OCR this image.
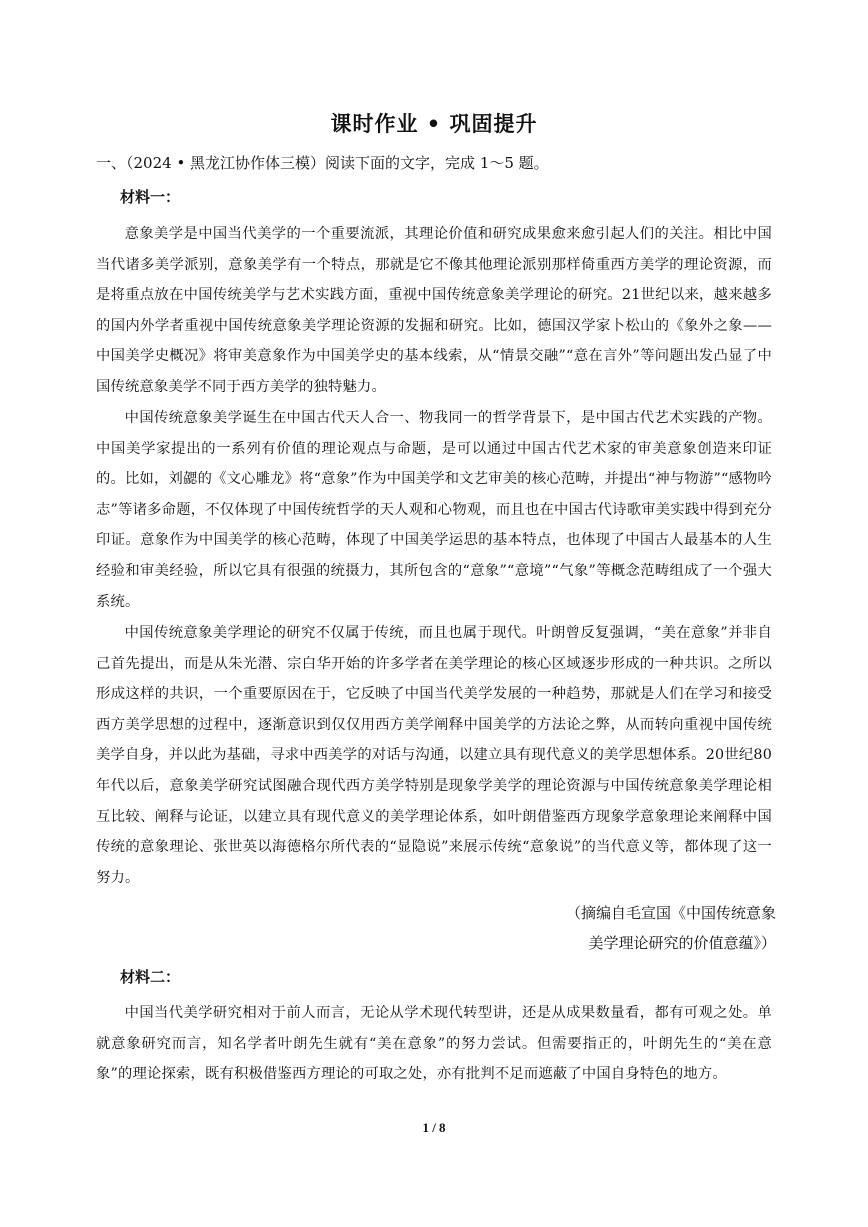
课时作业 • 巩固提升
一、（2024 • 黑龙江协作体三模）阅读下面的文字，完成 1～5 题。
材料一：

意象美学是中国当代美学的一个重要流派，其理论价值和研究成果愈来愈引起人们的关注。相比中国当代诸多美学派别，意象美学有一个特点，那就是它不像其他理论派别那样倚重西方美学的理论资源，而是将重点放在中国传统美学与艺术实践方面，重视中国传统意象美学理论的研究。21世纪以来，越来越多的国内外学者重视中国传统意象美学理论资源的发掘和研究。比如，德国汉学家卜松山的《象外之象——中国美学史概况》将审美意象作为中国美学史的基本线索，从“情景交融”“意在言外”等问题出发凸显了中国传统意象美学不同于西方美学的独特魅力。

中国传统意象美学诞生在中国古代天人合一、物我同一的哲学背景下，是中国古代艺术实践的产物。中国美学家提出的一系列有价值的理论观点与命题，是可以通过中国古代艺术家的审美意象创造来印证的。比如，刘勰的《文心雕龙》将“意象”作为中国美学和文艺审美的核心范畴，并提出“神与物游”“感物吟志”等诸多命题，不仅体现了中国传统哲学的天人观和心物观，而且也在中国古代诗歌审美实践中得到充分印证。意象作为中国美学的核心范畴，体现了中国美学运思的基本特点，也体现了中国古人最基本的人生经验和审美经验，所以它具有很强的统摄力，其所包含的“意象”“意境”“气象”等概念范畴组成了一个强大系统。

中国传统意象美学理论的研究不仅属于传统，而且也属于现代。叶朗曾反复强调，“美在意象”并非自己首先提出，而是从朱光潜、宗白华开始的许多学者在美学理论的核心区域逐步形成的一种共识。之所以形成这样的共识，一个重要原因在于，它反映了中国当代美学发展的一种趋势，那就是人们在学习和接受西方美学思想的过程中，逐渐意识到仅仅用西方美学阐释中国美学的方法论之弊，从而转向重视中国传统美学自身，并以此为基础，寻求中西美学的对话与沟通，以建立具有现代意义的美学思想体系。20世纪80年代以后，意象美学研究试图融合现代西方美学特别是现象学美学的理论资源与中国传统意象美学理论相互比较、阐释与论证，以建立具有现代意义的美学理论体系，如叶朗借鉴西方现象学意象理论来阐释中国传统的意象理论、张世英以海德格尔所代表的“显隐说”来展示传统“意象说”的当代意义等，都体现了这一努力。

（摘编自毛宣国《中国传统意象
美学理论研究的价值意蕴》）
材料二：

中国当代美学研究相对于前人而言，无论从学术现代转型讲，还是从成果数量看，都有可观之处。单就意象研究而言，知名学者叶朗先生就有“美在意象”的努力尝试。但需要指正的，叶朗先生的“美在意象”的理论探索，既有积极借鉴西方理论的可取之处，亦有批判不足而遮蔽了中国自身特色的地方。

1 / 8
